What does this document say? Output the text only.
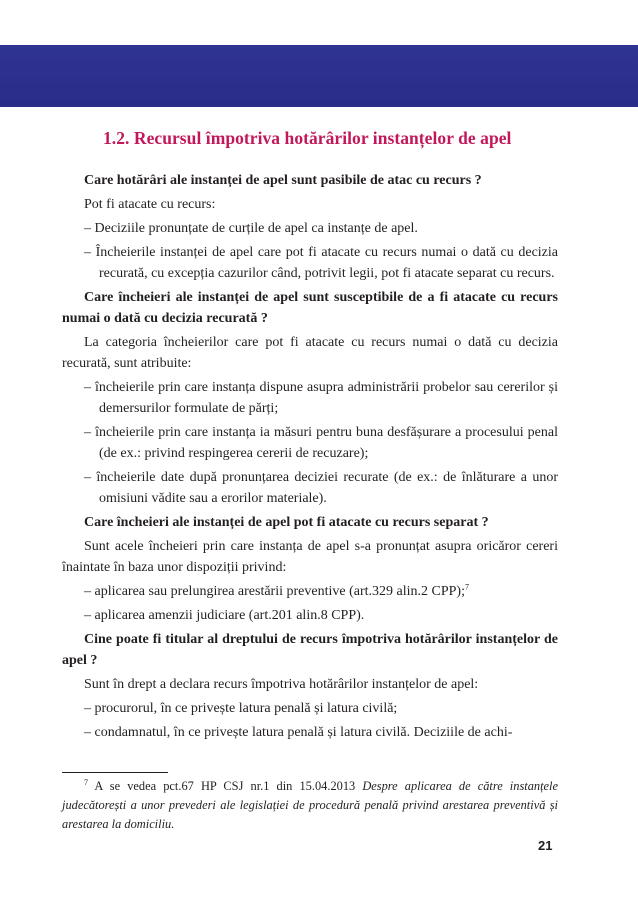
1.2. Recursul împotriva hotărârilor instanțelor de apel

Care hotărâri ale instanței de apel sunt pasibile de atac cu recurs ?

Pot fi atacate cu recurs:

– Deciziile pronunțate de curțile de apel ca instanțe de apel.

– Încheierile instanței de apel care pot fi atacate cu recurs numai o dată cu decizia recurată, cu excepția cazurilor când, potrivit legii, pot fi atacate separat cu recurs.

Care încheieri ale instanței de apel sunt susceptibile de a fi atacate cu recurs numai o dată cu decizia recurată ?

La categoria încheierilor care pot fi atacate cu recurs numai o dată cu decizia recurată, sunt atribuite:

– încheierile prin care instanța dispune asupra administrării probelor sau cererilor și demersurilor formulate de părți;

– încheierile prin care instanța ia măsuri pentru buna desfășurare a procesului penal (de ex.: privind respingerea cererii de recuzare);

– încheierile date după pronunțarea deciziei recurate (de ex.: de înlăturare a unor omisiuni vădite sau a erorilor materiale).

Care încheieri ale instanței de apel pot fi atacate cu recurs separat ?

Sunt acele încheieri prin care instanța de apel s-a pronunțat asupra oricăror cereri înaintate în baza unor dispoziții privind:

– aplicarea sau prelungirea arestării preventive (art.329 alin.2 CPP);$^7$

– aplicarea amenzii judiciare (art.201 alin.8 CPP).

Cine poate fi titular al dreptului de recurs împotriva hotărârilor instanțelor de apel ?

Sunt în drept a declara recurs împotriva hotărârilor instanțelor de apel:

– procurorul, în ce privește latura penală și latura civilă;

– condamnatul, în ce privește latura penală și latura civilă. Deciziile de achi-

$^7$ A se vedea pct.67 HP CSJ nr.1 din 15.04.2013 Despre aplicarea de către instanțele judecătorești a unor prevederi ale legislației de procedură penală privind arestarea preventivă și arestarea la domiciliu.
21
